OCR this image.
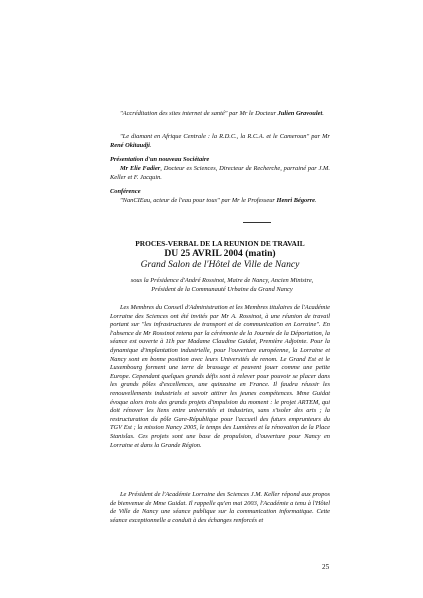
"Accréditation des sites internet de santé" par Mr le Docteur Julien Gravoulet.
"Le diamant en Afrique Centrale : la R.D.C., la R.C.A. et le Cameroun" par Mr René Okitaudji.
Présentation d'un nouveau Sociétaire
Mr Elie Fadier, Docteur es Sciences, Directeur de Recherche, parrainé par J.M. Keller et F. Jacquin.
Conférence
"NanCIEau, acteur de l'eau pour tous" par Mr le Professeur Henri Bégorre.
PROCES-VERBAL DE LA REUNION DE TRAVAIL
DU 25 AVRIL 2004 (matin)
Grand Salon de l'Hôtel de Ville de Nancy
sous la Présidence d'André Rossinot, Maire de Nancy, Ancien Ministre, Président de la Communauté Urbaine du Grand Nancy
Les Membres du Conseil d'Administration et les Membres titulaires de l'Académie Lorraine des Sciences ont été invités par Mr A. Rossinot, à une réunion de travail portant sur "les infrastructures de transport et de communication en Lorraine". En l'absence de Mr Rossinot retenu par la cérémonie de la Journée de la Déportation, la séance est ouverte à 11h par Madame Claudine Guidat, Première Adjointe. Pour la dynamique d'implantation industrielle, pour l'ouverture européenne, la Lorraine et Nancy sont en bonne position avec leurs Universités de renom. Le Grand Est et le Luxembourg forment une terre de brassage et peuvent jouer comme une petite Europe. Cependant quelques grands défis sont à relever pour pouvoir se placer dans les grands pôles d'excellences, une quinzaine en France. Il faudra réussir les renouvellements industriels et savoir attirer les jeunes compétences. Mme Guidat évoque alors trois des grands projets d'impulsion du moment : le projet ARTEM, qui doit rénover les liens entre universités et industries, sans s'isoler des arts ; la restructuration du pôle Gare-République pour l'accueil des futurs emprunteurs du TGV Est ; la mission Nancy 2005, le temps des Lumières et la rénovation de la Place Stanislas. Ces projets sont une base de propulsion, d'ouverture pour Nancy en Lorraine et dans la Grande Région.
Le Président de l'Académie Lorraine des Sciences J.M. Keller répond aux propos de bienvenue de Mme Guidat. Il rappelle qu'en mai 2003, l'Académie a tenu à l'Hôtel de Ville de Nancy une séance publique sur la communication informatique. Cette séance exceptionnelle a conduit à des échanges renforcés et
25
